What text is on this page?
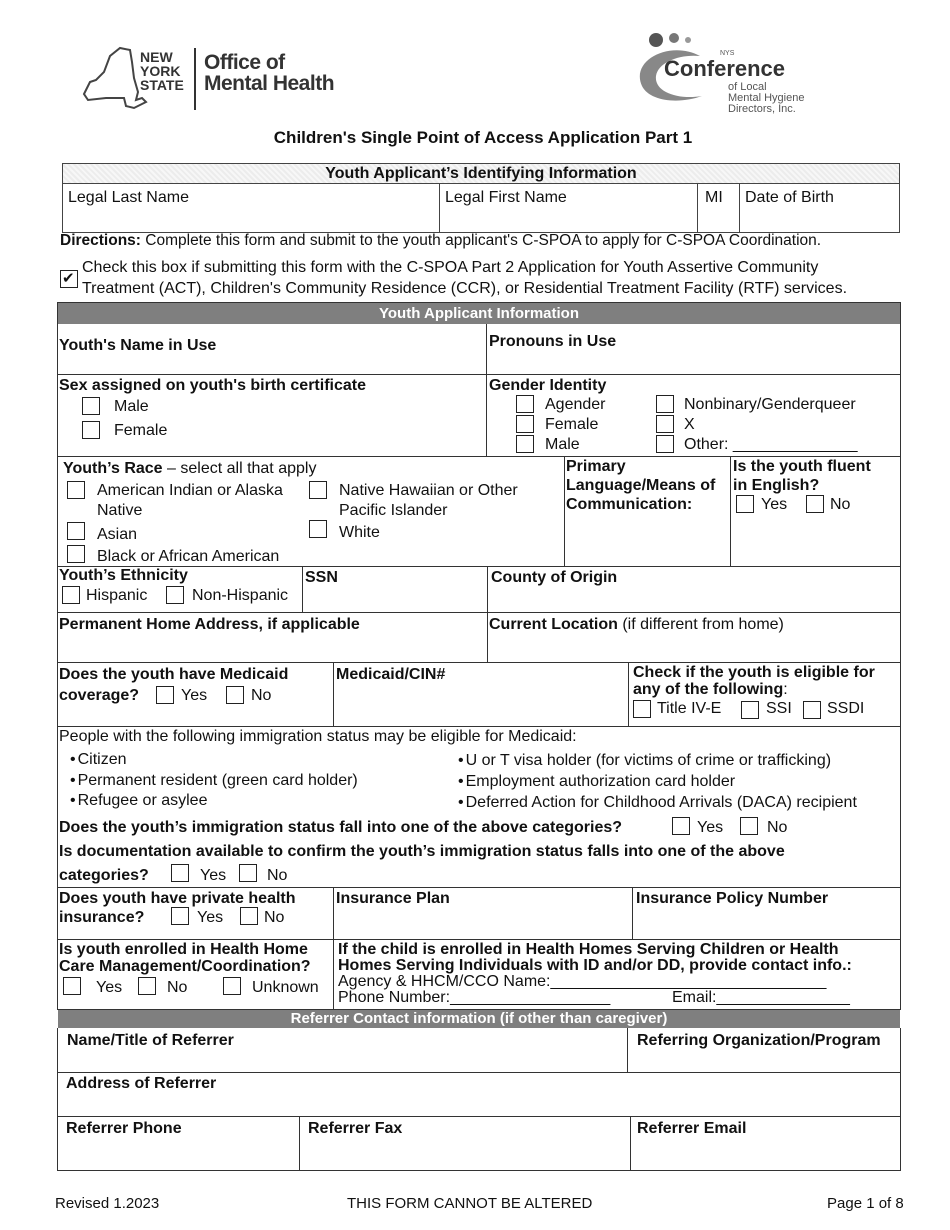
NEW
YORK
STATE
Office of
Mental Health
NYS
Conference
of Local
Mental Hygiene
Directors, Inc.
Children's Single Point of Access Application Part 1
Youth Applicant’s Identifying Information
Legal Last Name	Legal First Name	MI Date of Birth
Directions: Complete this form and submit to the youth applicant's C-SPOA to apply for C-SPOA Coordination.
✔
Check this box if submitting this form with the C-SPOA Part 2 Application for Youth Assertive Community
Treatment (ACT), Children's Community Residence (CCR), or Residential Treatment Facility (RTF) services.
Youth Applicant Information
Youth's Name in Use	Pronouns in Use
Sex assigned on youth's birth certificate
Male
Female
Gender Identity
Agender
Female
Male
Nonbinary/Genderqueer
X
Other: ______________
Youth’s Race – select all that apply
American Indian or Alaska
Native
Asian
Black or African American
Native Hawaiian or Other
Pacific Islander
White
Primary
Language/Means of
Communication:
Is the youth fluent
in English?
Yes	No
Youth’s Ethnicity
Hispanic	Non-Hispanic
SSN	County of Origin
Permanent Home Address, if applicable	Current Location (if different from home)
Does the youth have Medicaid
coverage?	Yes	No
Medicaid/CIN#	Check if the youth is eligible for
any of the following:
Title IV-E	SSI SSDI
People with the following immigration status may be eligible for Medicaid:
• Citizen
• Permanent resident (green card holder)
• Refugee or asylee
• U or T visa holder (for victims of crime or trafficking)
• Employment authorization card holder
• Deferred Action for Childhood Arrivals (DACA) recipient
Does the youth’s immigration status fall into one of the above categories?	Yes	No
Is documentation available to confirm the youth’s immigration status falls into one of the above
categories?	Yes	No
Does youth have private health
insurance?	Yes	No
Insurance Plan	Insurance Policy Number
Is youth enrolled in Health Home
Care Management/Coordination?
Yes	No	Unknown
If the child is enrolled in Health Homes Serving Children or Health
Homes Serving Individuals with ID and/or DD, provide contact info.:
Agency & HHCM/CCO Name:_______________________________
Phone Number:__________________	Email:_______________
Referrer Contact information (if other than caregiver)
Name/Title of Referrer	Referring Organization/Program
Address of Referrer
Referrer Phone	Referrer Fax	Referrer Email
Revised 1.2023	THIS FORM CANNOT BE ALTERED	Page 1 of 8
